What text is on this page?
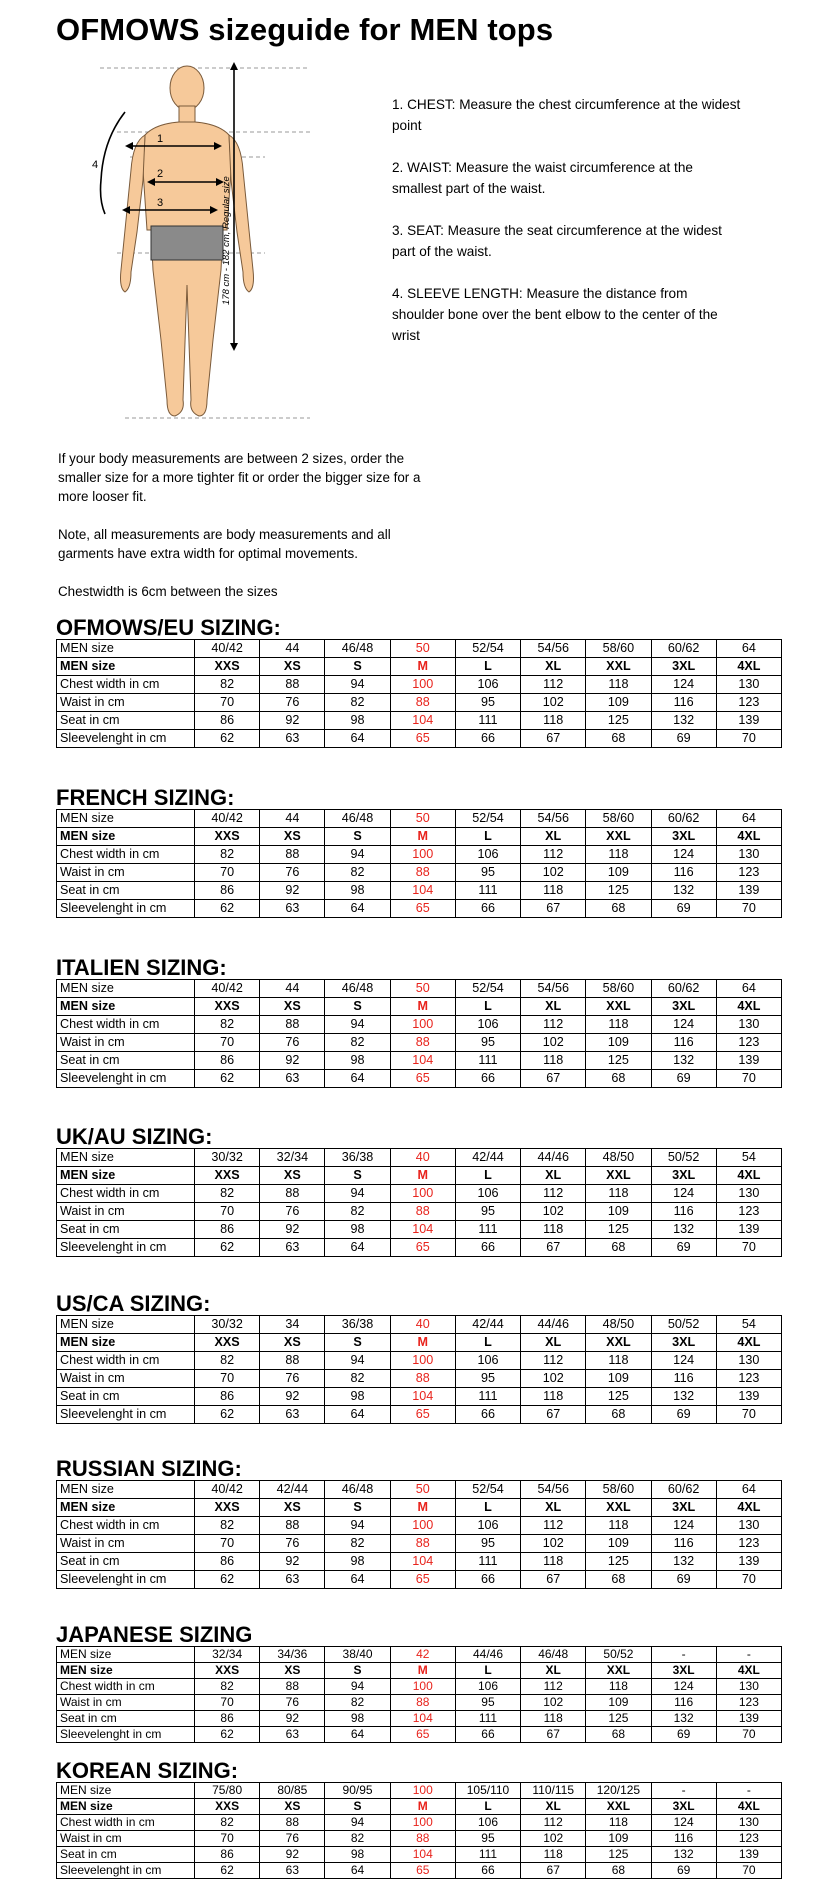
OFMOWS sizeguide for MEN tops
1
2
3
4
178 cm - 182 cm, Regular size

1. CHEST: Measure the chest circumference at the widest point

2. WAIST: Measure the waist circumference at the smallest part of the waist.

3. SEAT: Measure the seat circumference at the widest part of the waist.

4. SLEEVE LENGTH: Measure the distance from shoulder bone over the bent elbow to the center of the wrist

If your body measurements are between 2 sizes, order the smaller size for a more tighter fit or order the bigger size for a more looser fit.

Note, all measurements are body measurements and all garments have extra width for optimal movements.

Chestwidth is 6cm between the sizes

OFMOWS/EU SIZING:
MEN size	40/42	44	46/48	50	52/54	54/56	58/60	60/62	64
MEN size	XXS	XS	S	M	L	XL	XXL	3XL	4XL
Chest width in cm	82	88	94	100	106	112	118	124	130
Waist in cm	70	76	82	88	95	102	109	116	123
Seat in cm	86	92	98	104	111	118	125	132	139
Sleevelenght in cm	62	63	64	65	66	67	68	69	70
FRENCH SIZING:
MEN size	40/42	44	46/48	50	52/54	54/56	58/60	60/62	64
MEN size	XXS	XS	S	M	L	XL	XXL	3XL	4XL
Chest width in cm	82	88	94	100	106	112	118	124	130
Waist in cm	70	76	82	88	95	102	109	116	123
Seat in cm	86	92	98	104	111	118	125	132	139
Sleevelenght in cm	62	63	64	65	66	67	68	69	70
ITALIEN SIZING:
MEN size	40/42	44	46/48	50	52/54	54/56	58/60	60/62	64
MEN size	XXS	XS	S	M	L	XL	XXL	3XL	4XL
Chest width in cm	82	88	94	100	106	112	118	124	130
Waist in cm	70	76	82	88	95	102	109	116	123
Seat in cm	86	92	98	104	111	118	125	132	139
Sleevelenght in cm	62	63	64	65	66	67	68	69	70
UK/AU SIZING:
MEN size	30/32	32/34	36/38	40	42/44	44/46	48/50	50/52	54
MEN size	XXS	XS	S	M	L	XL	XXL	3XL	4XL
Chest width in cm	82	88	94	100	106	112	118	124	130
Waist in cm	70	76	82	88	95	102	109	116	123
Seat in cm	86	92	98	104	111	118	125	132	139
Sleevelenght in cm	62	63	64	65	66	67	68	69	70
US/CA SIZING:
MEN size	30/32	34	36/38	40	42/44	44/46	48/50	50/52	54
MEN size	XXS	XS	S	M	L	XL	XXL	3XL	4XL
Chest width in cm	82	88	94	100	106	112	118	124	130
Waist in cm	70	76	82	88	95	102	109	116	123
Seat in cm	86	92	98	104	111	118	125	132	139
Sleevelenght in cm	62	63	64	65	66	67	68	69	70
RUSSIAN SIZING:
MEN size	40/42	42/44	46/48	50	52/54	54/56	58/60	60/62	64
MEN size	XXS	XS	S	M	L	XL	XXL	3XL	4XL
Chest width in cm	82	88	94	100	106	112	118	124	130
Waist in cm	70	76	82	88	95	102	109	116	123
Seat in cm	86	92	98	104	111	118	125	132	139
Sleevelenght in cm	62	63	64	65	66	67	68	69	70
JAPANESE SIZING
MEN size	32/34	34/36	38/40	42	44/46	46/48	50/52	-	-
MEN size	XXS	XS	S	M	L	XL	XXL	3XL	4XL
Chest width in cm	82	88	94	100	106	112	118	124	130
Waist in cm	70	76	82	88	95	102	109	116	123
Seat in cm	86	92	98	104	111	118	125	132	139
Sleevelenght in cm	62	63	64	65	66	67	68	69	70
KOREAN SIZING:
MEN size	75/80	80/85	90/95	100	105/110	110/115	120/125	-	-
MEN size	XXS	XS	S	M	L	XL	XXL	3XL	4XL
Chest width in cm	82	88	94	100	106	112	118	124	130
Waist in cm	70	76	82	88	95	102	109	116	123
Seat in cm	86	92	98	104	111	118	125	132	139
Sleevelenght in cm	62	63	64	65	66	67	68	69	70
